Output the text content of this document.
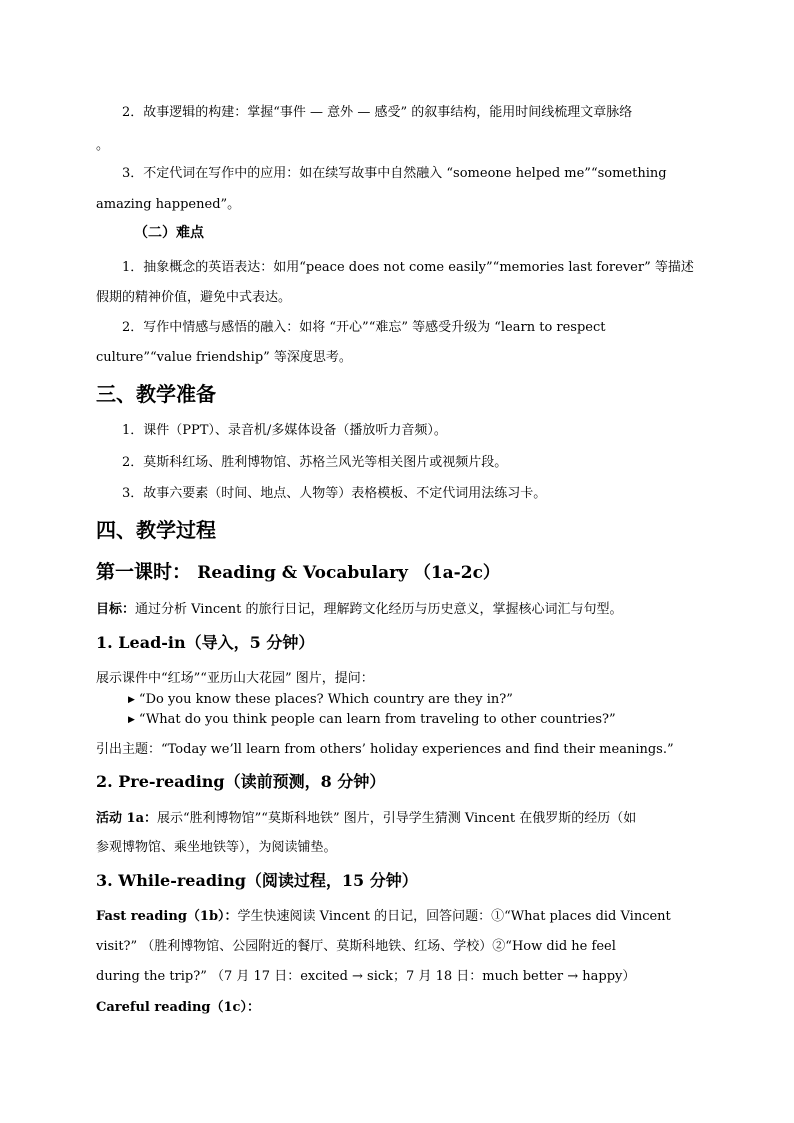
2．故事逻辑的构建：掌握“事件 — 意外 — 感受” 的叙事结构，能用时间线梳理文章脉络
。
3．不定代词在写作中的应用：如在续写故事中自然融入 “someone helped me”“something
amazing happened”。
（二）难点
1．抽象概念的英语表达：如用“peace does not come easily”“memories last forever” 等描述
假期的精神价值，避免中式表达。
2．写作中情感与感悟的融入：如将 “开心”“难忘” 等感受升级为 “learn to respect
culture”“value friendship” 等深度思考。
三、教学准备
1．课件（PPT）、录音机/多媒体设备（播放听力音频）。
2．莫斯科红场、胜利博物馆、苏格兰风光等相关图片或视频片段。
3．故事六要素（时间、地点、人物等）表格模板、不定代词用法练习卡。
四、教学过程
第一课时： Reading & Vocabulary （1a-2c）
目标：通过分析 Vincent 的旅行日记，理解跨文化经历与历史意义，掌握核心词汇与句型。
1. Lead-in（导入，5 分钟）
展示课件中“红场”“亚历山大花园” 图片，提问：
▶ “Do you know these places? Which country are they in?”
▶ “What do you think people can learn from traveling to other countries?”
引出主题：“Today we’ll learn from others’ holiday experiences and find their meanings.”
2. Pre-reading（读前预测，8 分钟）
活动 1a：展示“胜利博物馆”“莫斯科地铁” 图片，引导学生猜测 Vincent 在俄罗斯的经历（如
参观博物馆、乘坐地铁等），为阅读铺垫。
3. While-reading（阅读过程，15 分钟）
Fast reading（1b）：学生快速阅读 Vincent 的日记，回答问题：①“What places did Vincent
visit?” （胜利博物馆、公园附近的餐厅、莫斯科地铁、红场、学校）②“How did he feel
during the trip?” （7 月 17 日：excited → sick；7 月 18 日：much better → happy）
Careful reading（1c）：
